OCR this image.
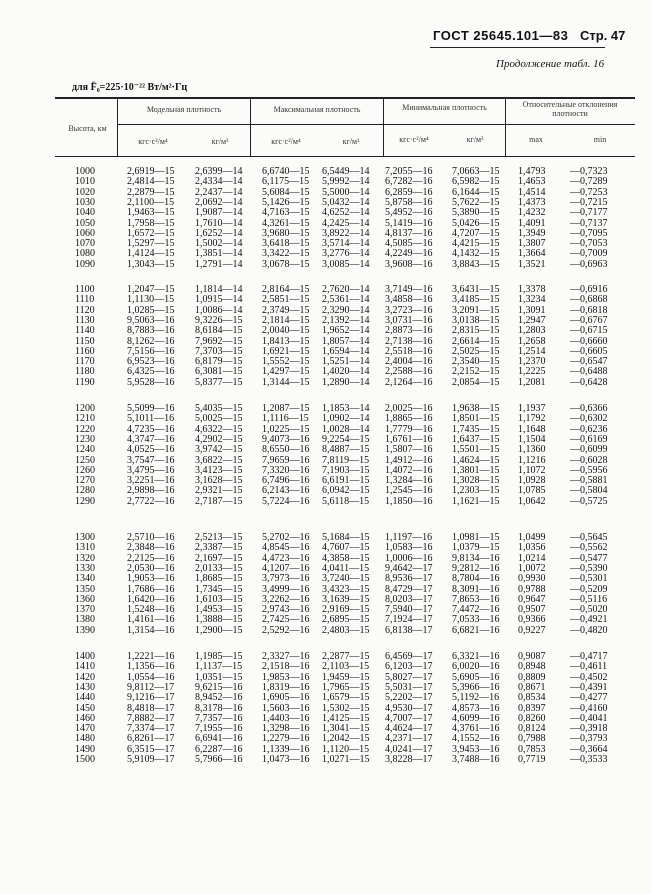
ГОСТ 25645.101—83 Стр. 47
Продолжение табл. 16
для F̄₀=225·10⁻²² Вт/м²·Гц
Высота, км
Модельная плотность	Максимальная плотность	Минимальная плотность	Относительные отклонения плотности
кгс·с²/м⁴	кг/м³	кгс·с²/м⁴	кг/м³	кгс·с²/м⁴	кг/м³	max	min
1000	2,6919—15 2,6399—14 6,6740—15 6,5449—14 7,2055—16 7,0663—15 1,4793 —0,7323
1010	2,4814—15 2,4334—14 6,1175—15 5,9992—14 6,7282—16 6,5982—15 1,4653 —0,7289
1020	2,2879—15 2,2437—14 5,6084—15 5,5000—14 6,2859—16 6,1644—15 1,4514 —0,7253
1030	2,1100—15 2,0692—14 5,1426—15 5,0432—14 5,8758—16 5,7622—15 1,4373 —0,7215
1040	1,9463—15 1,9087—14 4,7163—15 4,6252—14 5,4952—16 5,3890—15 1,4232 —0,7177
1050	1,7958—15 1,7610—14 4,3261—15 4,2425—14 5,1419—16 5,0426—15 1,4091 —0,7137
1060	1,6572—15 1,6252—14 3,9680—15 3,8922—14 4,8137—16 4,7207—15 1,3949 —0,7095
1070	1,5297—15 1,5002—14 3,6418—15 3,5714—14 4,5085—16 4,4215—15 1,3807 —0,7053
1080	1,4124—15 1,3851—14 3,3422—15 3,2776—14 4,2249—16 4,1432—15 1,3664 —0,7009
1090	1,3043—15 1,2791—14 3,0678—15 3,0085—14 3,9608—16 3,8843—15 1,3521 —0,6963
1100	1,2047—15 1,1814—14 2,8164—15 2,7620—14 3,7149—16 3,6431—15 1,3378 —0,6916
1110	1,1130—15 1,0915—14 2,5851—15 2,5361—14 3,4858—16 3,4185—15 1,3234 —0,6868
1120	1,0285—15 1,0086—14 2,3749—15 2,3290—14 3,2723—16 3,2091—15 1,3091 —0,6818
1130	9,5063—16 9,3226—15 2,1814—15 2,1392—14 3,0731—16 3,0138—15 1,2947 —0,6767
1140	8,7883—16 8,6184—15 2,0040—15 1,9652—14 2,8873—16 2,8315—15 1,2803 —0,6715
1150	8,1262—16 7,9692—15 1,8413—15 1,8057—14 2,7138—16 2,6614—15 1,2658 —0,6660
1160	7,5156—16 7,3703—15 1,6921—15 1,6594—14 2,5518—16 2,5025—15 1,2514 —0,6605
1170	6,9523—16 6,8179—15 1,5552—15 1,5251—14 2,4004—16 2,3540—15 1,2370 —0,6547
1180	6,4325—16 6,3081—15 1,4297—15 1,4020—14 2,2588—16 2,2152—15 1,2225 —0,6488
1190	5,9528—16 5,8377—15 1,3144—15 1,2890—14 2,1264—16 2,0854—15 1,2081 —0,6428
1200	5,5099—16 5,4035—15 1,2087—15 1,1853—14 2,0025—16 1,9638—15 1,1937 —0,6366
1210	5,1011—16 5,0025—15 1,1116—15 1,0902—14 1,8865—16 1,8501—15 1,1792 —0,6302
1220	4,7235—16 4,6322—15 1,0225—15 1,0028—14 1,7779—16 1,7435—15 1,1648 —0,6236
1230	4,3747—16 4,2902—15 9,4073—16 9,2254—15 1,6761—16 1,6437—15 1,1504 —0,6169
1240	4,0525—16 3,9742—15 8,6550—16 8,4887—15 1,5807—16 1,5501—15 1,1360 —0,6099
1250	3,7547—16 3,6822—15 7,9659—16 7,8119—15 1,4912—16 1,4624—15 1,1216 —0,6028
1260	3,4795—16 3,4123—15 7,3320—16 7,1903—15 1,4072—16 1,3801—15 1,1072 —0,5956
1270	3,2251—16 3,1628—15 6,7496—16 6,6191—15 1,3284—16 1,3028—15 1,0928 —0,5881
1280	2,9898—16 2,9321—15 6,2143—16 6,0942—15 1,2545—16 1,2303—15 1,0785 —0,5804
1290	2,7722—16 2,7187—15 5,7224—16 5,6118—15 1,1850—16 1,1621—15 1,0642 —0,5725
1300	2,5710—16 2,5213—15 5,2702—16 5,1684—15 1,1197—16 1,0981—15 1,0499 —0,5645
1310	2,3848—16 2,3387—15 4,8545—16 4,7607—15 1,0583—16 1,0379—15 1,0356 —0,5562
1320	2,2125—16 2,1697—15 4,4723—16 4,3858—15 1,0006—16 9,8134—16 1,0214 —0,5477
1330	2,0530—16 2,0133—15 4,1207—16 4,0411—15 9,4642—17 9,2812—16 1,0072 —0,5390
1340	1,9053—16 1,8685—15 3,7973—16 3,7240—15 8,9536—17 8,7804—16 0,9930 —0,5301
1350	1,7686—16 1,7345—15 3,4999—16 3,4323—15 8,4729—17 8,3091—16 0,9788 —0,5209
1360	1,6420—16 1,6103—15 3,2262—16 3,1639—15 8,0203—17 7,8653—16 0,9647 —0,5116
1370	1,5248—16 1,4953—15 2,9743—16 2,9169—15 7,5940—17 7,4472—16 0,9507 —0,5020
1380	1,4161—16 1,3888—15 2,7425—16 2,6895—15 7,1924—17 7,0533—16 0,9366 —0,4921
1390	1,3154—16 1,2900—15 2,5292—16 2,4803—15 6,8138—17 6,6821—16 0,9227 —0,4820
1400	1,2221—16 1,1985—15 2,3327—16 2,2877—15 6,4569—17 6,3321—16 0,9087 —0,4717
1410	1,1356—16 1,1137—15 2,1518—16 2,1103—15 6,1203—17 6,0020—16 0,8948 —0,4611
1420	1,0554—16 1,0351—15 1,9853—16 1,9459—15 5,8027—17 5,6905—16 0,8809 —0,4502
1430	9,8112—17 9,6215—16 1,8319—16 1,7965—15 5,5031—17 5,3966—16 0,8671 —0,4391
1440	9,1216—17 8,9452—16 1,6905—16 1,6579—15 5,2202—17 5,1192—16 0,8534 —0,4277
1450	8,4818—17 8,3178—16 1,5603—16 1,5302—15 4,9530—17 4,8573—16 0,8397 —0,4160
1460	7,8882—17 7,7357—16 1,4403—16 1,4125—15 4,7007—17 4,6099—16 0,8260 —0,4041
1470	7,3374—17 7,1955—16 1,3298—16 1,3041—15 4,4624—17 4,3761—16 0,8124 —0,3918
1480	6,8261—17 6,6941—16 1,2279—16 1,2042—15 4,2371—17 4,1552—16 0,7988 —0,3793
1490	6,3515—17 6,2287—16 1,1339—16 1,1120—15 4,0241—17 3,9453—16 0,7853 —0,3664
1500	5,9109—17 5,7966—16 1,0473—16 1,0271—15 3,8228—17 3,7488—16 0,7719 —0,3533
